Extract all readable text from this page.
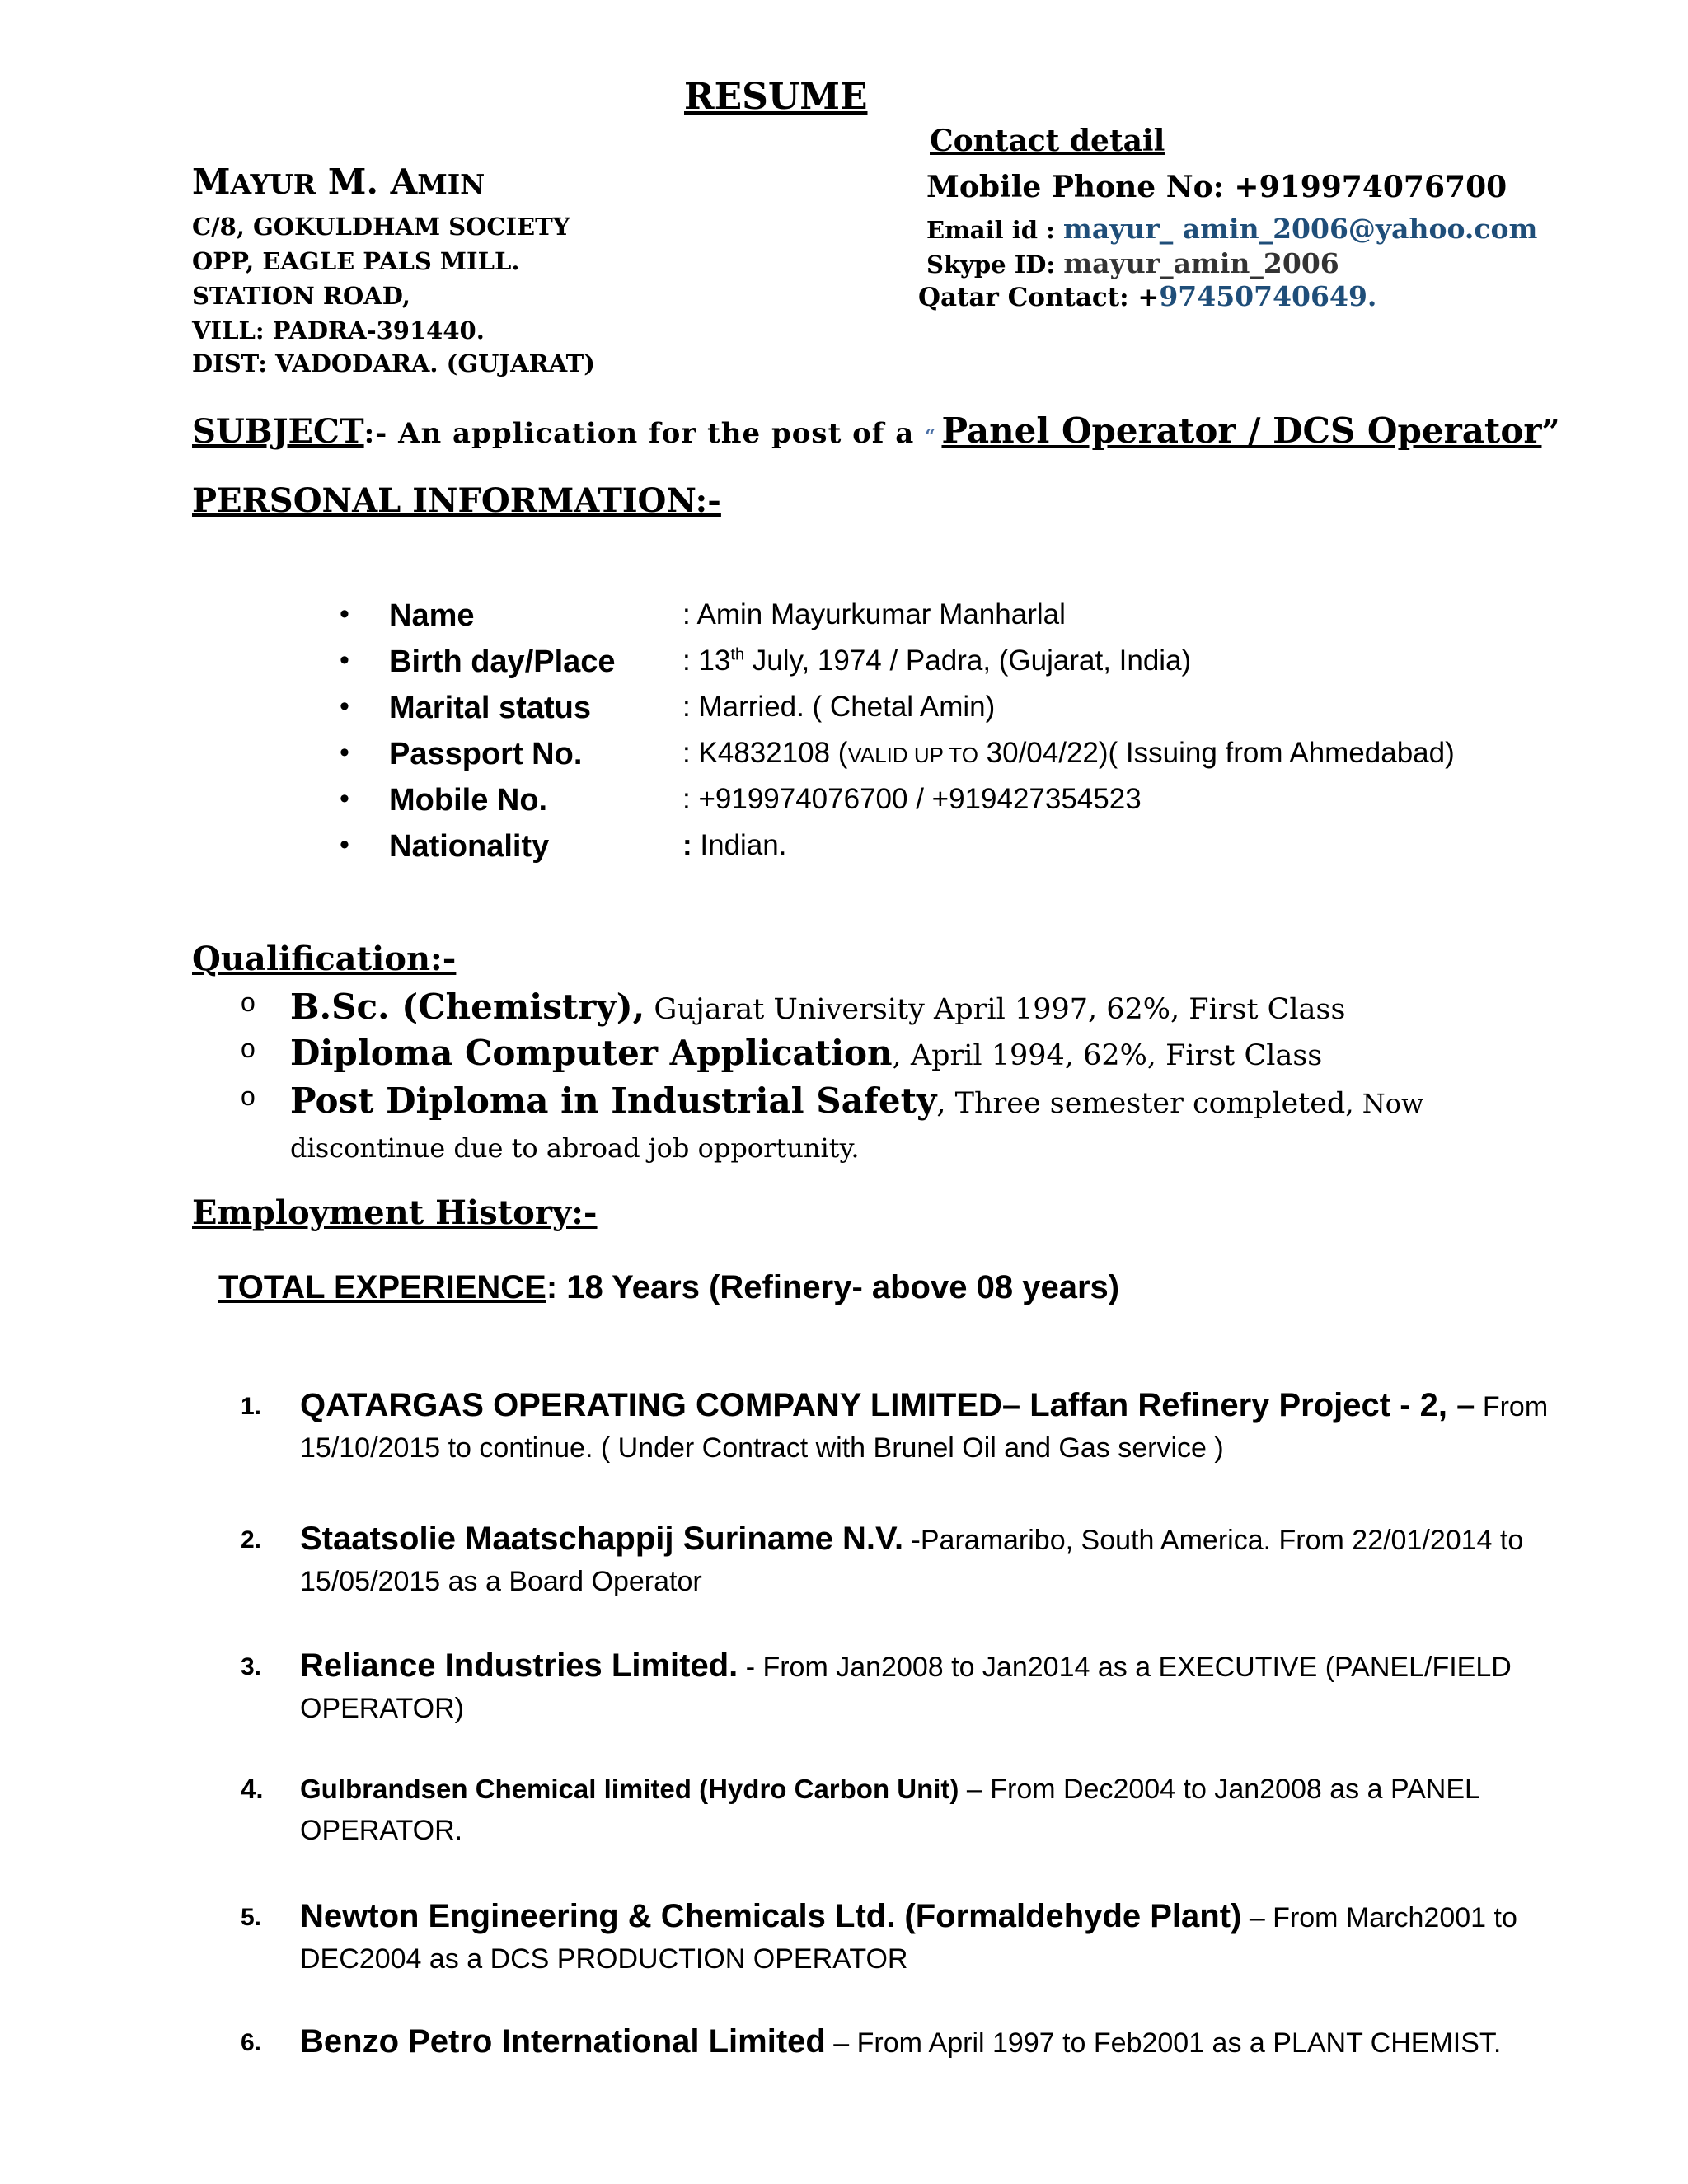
RESUME
Contact detail
MAYUR M. AMIN
C/8, GOKULDHAM SOCIETY
OPP, EAGLE PALS MILL.
STATION ROAD,
VILL: PADRA-391440.
DIST: VADODARA. (GUJARAT)
Mobile Phone No: +919974076700
Email id : mayur_ amin_2006@yahoo.com
Skype ID: mayur_amin_2006
Qatar Contact: +97450740649.
SUBJECT:- An application for the post of a “ Panel Operator / DCS Operator”
PERSONAL INFORMATION:-
• Name	: Amin Mayurkumar Manharlal
• Birth day/Place : 13th July, 1974 / Padra, (Gujarat, India)
• Marital status	: Married. ( Chetal Amin)
• Passport No.	: K4832108 (VALID UP TO 30/04/22)( Issuing from Ahmedabad)
• Mobile No.	: +919974076700 / +919427354523
• Nationality	: Indian.
Qualification:-
o B.Sc. (Chemistry), Gujarat University April 1997, 62%, First Class
o Diploma Computer Application, April 1994, 62%, First Class
o Post Diploma in Industrial Safety, Three semester completed, Now discontinue due to abroad job opportunity.
Employment History:-
TOTAL EXPERIENCE: 18 Years (Refinery- above 08 years)
1. QATARGAS OPERATING COMPANY LIMITED– Laffan Refinery Project - 2, – From 15/10/2015 to continue. ( Under Contract with Brunel Oil and Gas service )
2. Staatsolie Maatschappij Suriname N.V. -Paramaribo, South America. From 22/01/2014 to 15/05/2015 as a Board Operator
3. Reliance Industries Limited. - From Jan2008 to Jan2014 as a EXECUTIVE (PANEL/FIELD OPERATOR)
4. Gulbrandsen Chemical limited (Hydro Carbon Unit) – From Dec2004 to Jan2008 as a PANEL OPERATOR.
5. Newton Engineering & Chemicals Ltd. (Formaldehyde Plant) – From March2001 to DEC2004 as a DCS PRODUCTION OPERATOR
6. Benzo Petro International Limited – From April 1997 to Feb2001 as a PLANT CHEMIST.
